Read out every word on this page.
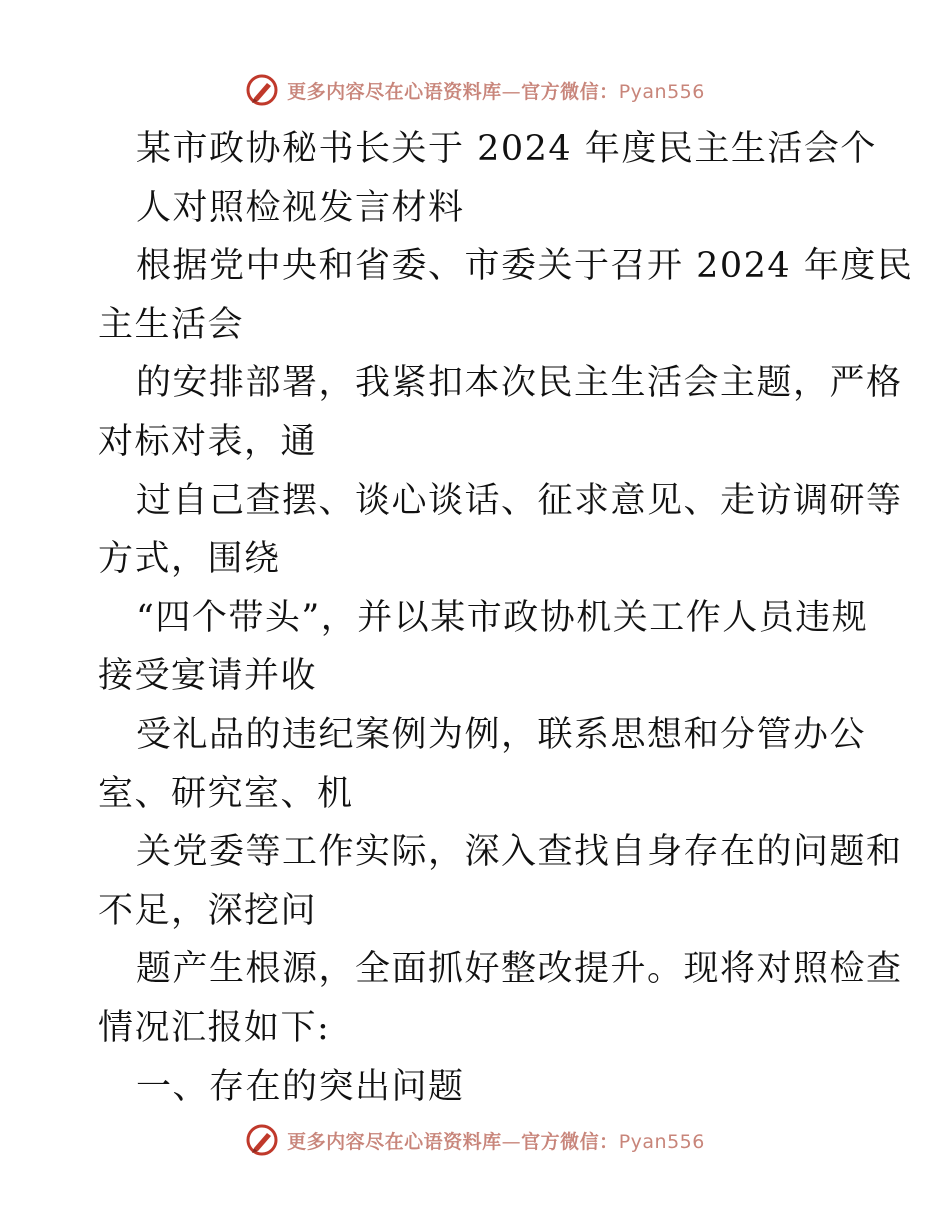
更多内容尽在心语资料库—官方微信：Pyan556
某市政协秘书长关于 2024 年度民主生活会个
人对照检视发言材料
根据党中央和省委、市委关于召开 2024 年度民
主生活会
的安排部署，我紧扣本次民主生活会主题，严格
对标对表，通
过自己查摆、谈心谈话、征求意见、走访调研等
方式，围绕
“四个带头”，并以某市政协机关工作人员违规
接受宴请并收
受礼品的违纪案例为例，联系思想和分管办公
室、研究室、机
关党委等工作实际，深入查找自身存在的问题和
不足，深挖问
题产生根源，全面抓好整改提升。现将对照检查
情况汇报如下:
一、存在的突出问题
更多内容尽在心语资料库—官方微信：Pyan556
